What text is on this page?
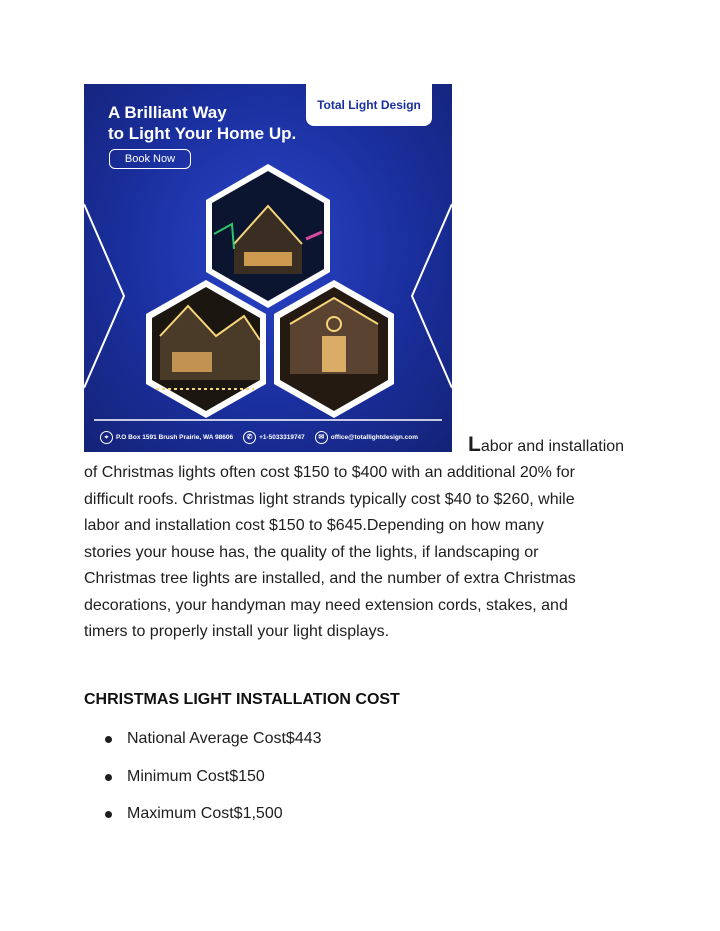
A Brilliant Way
to Light Your Home Up.
Total Light Design
Book Now
⌖	P.O Box 1591 Brush Prairie, WA 98606	✆	+1-5033319747	✉	office@totallightdesign.com Labor and installation
of Christmas lights often cost $150 to $400 with an additional 20% for
difficult roofs. Christmas light strands typically cost $40 to $260, while
labor and installation cost $150 to $645.Depending on how many
stories your house has, the quality of the lights, if landscaping or
Christmas tree lights are installed, and the number of extra Christmas
decorations, your handyman may need extension cords, stakes, and
timers to properly install your light displays.
CHRISTMAS LIGHT INSTALLATION COST
National Average Cost$443
Minimum Cost$150
Maximum Cost$1,500
